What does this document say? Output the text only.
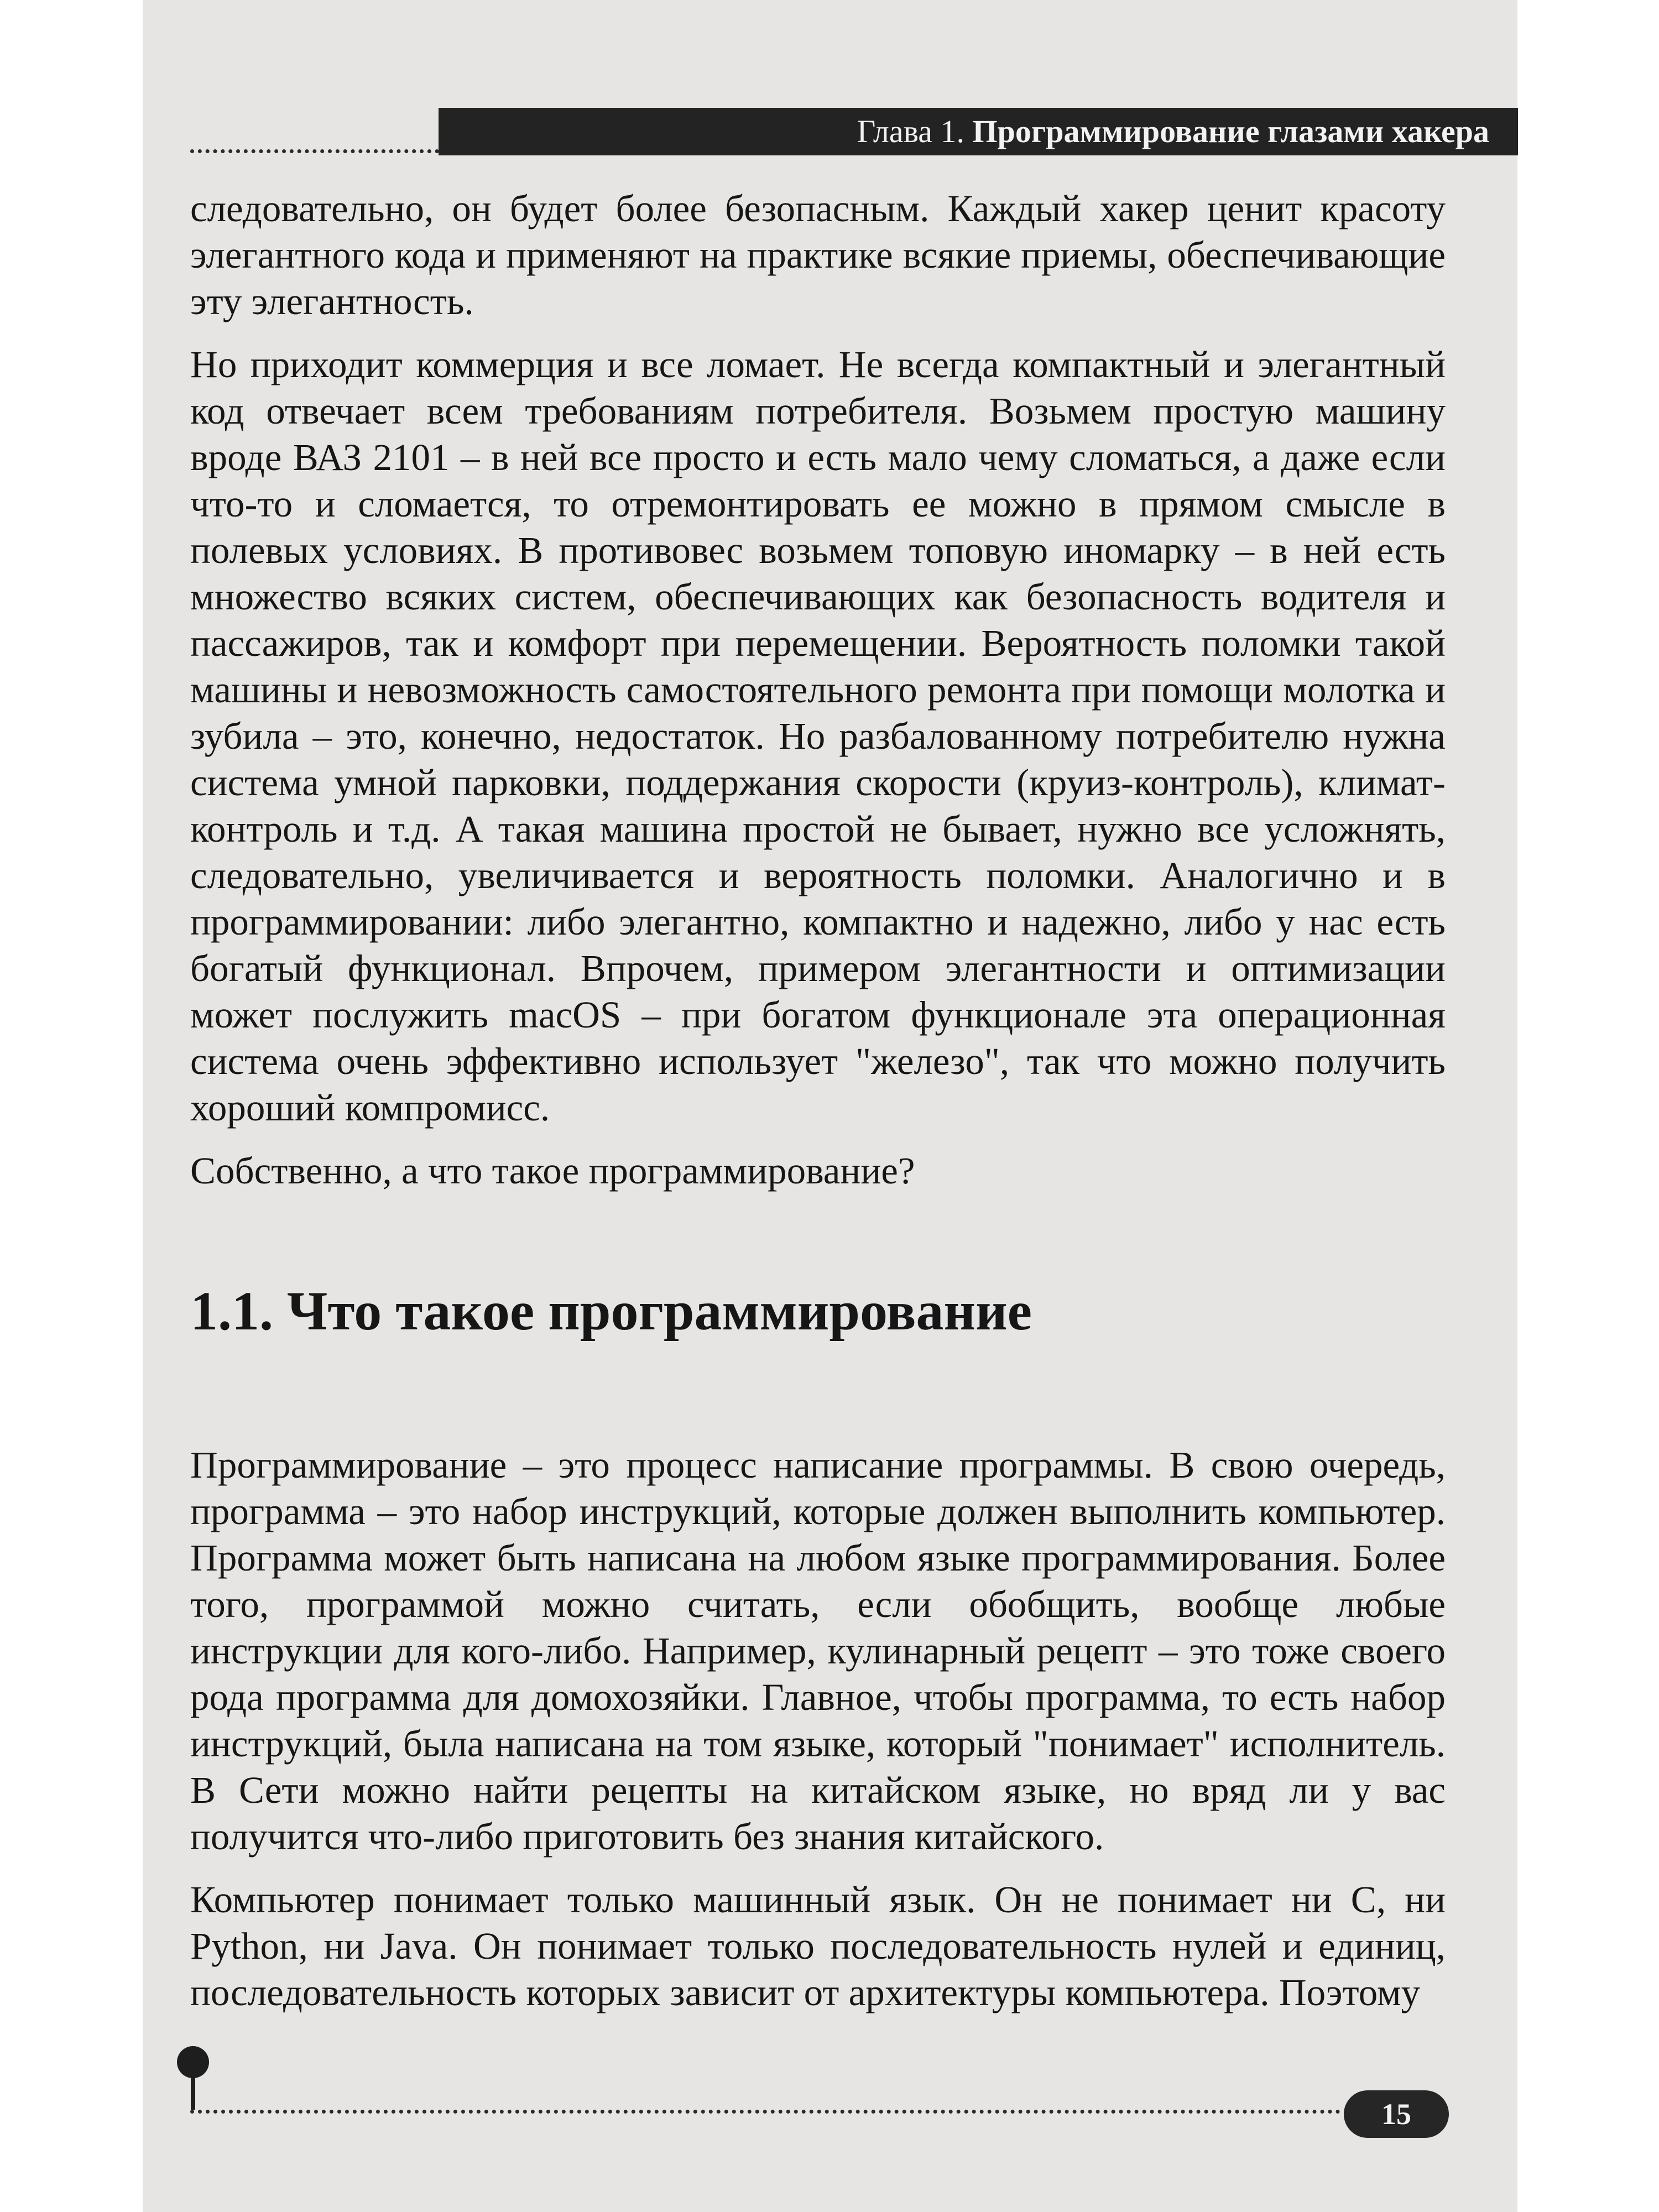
Глава 1. Программирование глазами хакера

следовательно, он будет более безопасным. Каждый хакер ценит красоту элегантного кода и применяют на практике всякие приемы, обеспечивающие эту элегантность.

Но приходит коммерция и все ломает. Не всегда компактный и элегантный код отвечает всем требованиям потребителя. Возьмем простую машину вроде ВАЗ 2101 – в ней все просто и есть мало чему сломаться, а даже если что-то и сломается, то отремонтировать ее можно в прямом смысле в полевых условиях. В противовес возьмем топовую иномарку – в ней есть множество всяких систем, обеспечивающих как безопасность водителя и пассажиров, так и комфорт при перемещении. Вероятность поломки такой машины и невозможность самостоятельного ремонта при помощи молотка и зубила – это, конечно, недостаток. Но разбалованному потребителю нужна система умной парковки, поддержания скорости (круиз-контроль), климат-контроль и т.д. А такая машина простой не бывает, нужно все усложнять, следовательно, увеличивается и вероятность поломки. Аналогично и в программировании: либо элегантно, компактно и надежно, либо у нас есть богатый функционал. Впрочем, примером элегантности и оптимизации может послужить macOS – при богатом функционале эта операционная система очень эффективно использует "железо", так что можно получить хороший компромисс.

Собственно, а что такое программирование?

1.1. Что такое программирование

Программирование – это процесс написание программы. В свою очередь, программа – это набор инструкций, которые должен выполнить компьютер. Программа может быть написана на любом языке программирования. Более того, программой можно считать, если обобщить, вообще любые инструкции для кого-либо. Например, кулинарный рецепт – это тоже своего рода программа для домохозяйки. Главное, чтобы программа, то есть набор инструкций, была написана на том языке, который "понимает" исполнитель. В Сети можно найти рецепты на китайском языке, но вряд ли у вас получится что-либо приготовить без знания китайского.

Компьютер понимает только машинный язык. Он не понимает ни C, ни Python, ни Java. Он понимает только последовательность нулей и единиц, последовательность которых зависит от архитектуры компьютера. Поэтому

15
